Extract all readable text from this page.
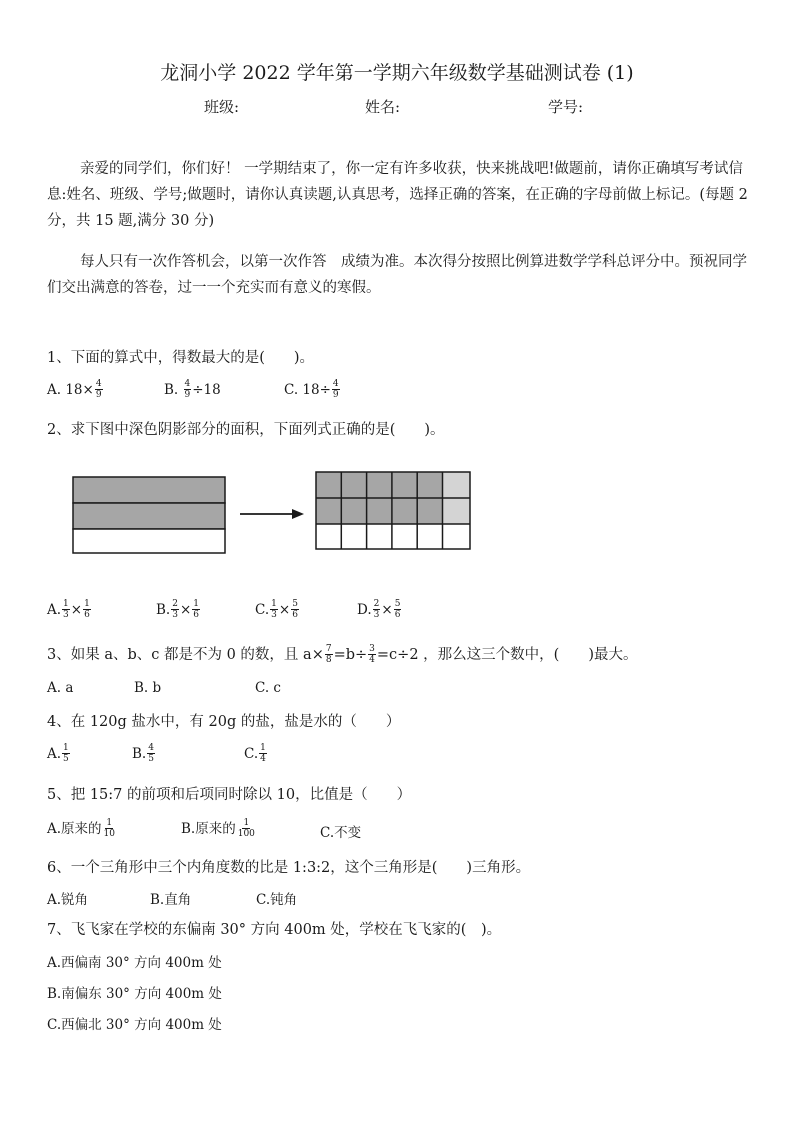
龙洞小学 2022 学年第一学期六年级数学基础测试卷 (1)
班级:	姓名:	学号:
亲爱的同学们，你们好！ 一学期结束了，你一定有许多收获，快来挑战吧!做题前，请你正确填写考试信息:姓名、班级、学号;做题时，请你认真读题,认真思考，选择正确的答案，在正确的字母前做上标记。(每题 2 分，共 15 题,满分 30 分)
每人只有一次作答机会，以第一次作答　成绩为准。本次得分按照比例算进数学学科总评分中。预祝同学们交出满意的答卷，过一一个充实而有意义的寒假。
1、下面的算式中，得数最大的是(　　)。
A. $18\times \frac{4}{9}$	B. $\frac{4}{9} \div 18$	C. $18\div \frac{4}{9}$
2、求下图中深色阴影部分的面积，下面列式正确的是(　　)。
A. $\frac{1}{3} \times \frac{1}{6}$	B. $\frac{2}{3} \times \frac{1}{6}$	C. $\frac{1}{3} \times \frac{5}{6}$	D. $\frac{2}{3} \times \frac{5}{6}$
3、如果 a、b、c 都是不为 0 的数，且 $a\times \frac{7}{8} =b\div \frac{3}{4} =c\div 2$ ，那么这三个数中，(　　)最大。
A. a	B. b	C. c
4、在 120g 盐水中，有 20g 的盐，盐是水的（　　）
A. $\frac{1}{5}$	B. $\frac{4}{5}$	C. $\frac{1}{4}$
5、把 15:7 的前项和后项同时除以 10，比值是（　　）
A.原来的 $\frac{1}{10}$	B.原来的 $\frac{1}{100}$	C.不变
6、一个三角形中三个内角度数的比是 1:3:2，这个三角形是(　　)三角形。
A.锐角	B.直角	C.钝角
7、飞飞家在学校的东偏南 30° 方向 400m 处，学校在飞飞家的(　)。
A.西偏南 30° 方向 400m 处
B.南偏东 30° 方向 400m 处
C.西偏北 30° 方向 400m 处
